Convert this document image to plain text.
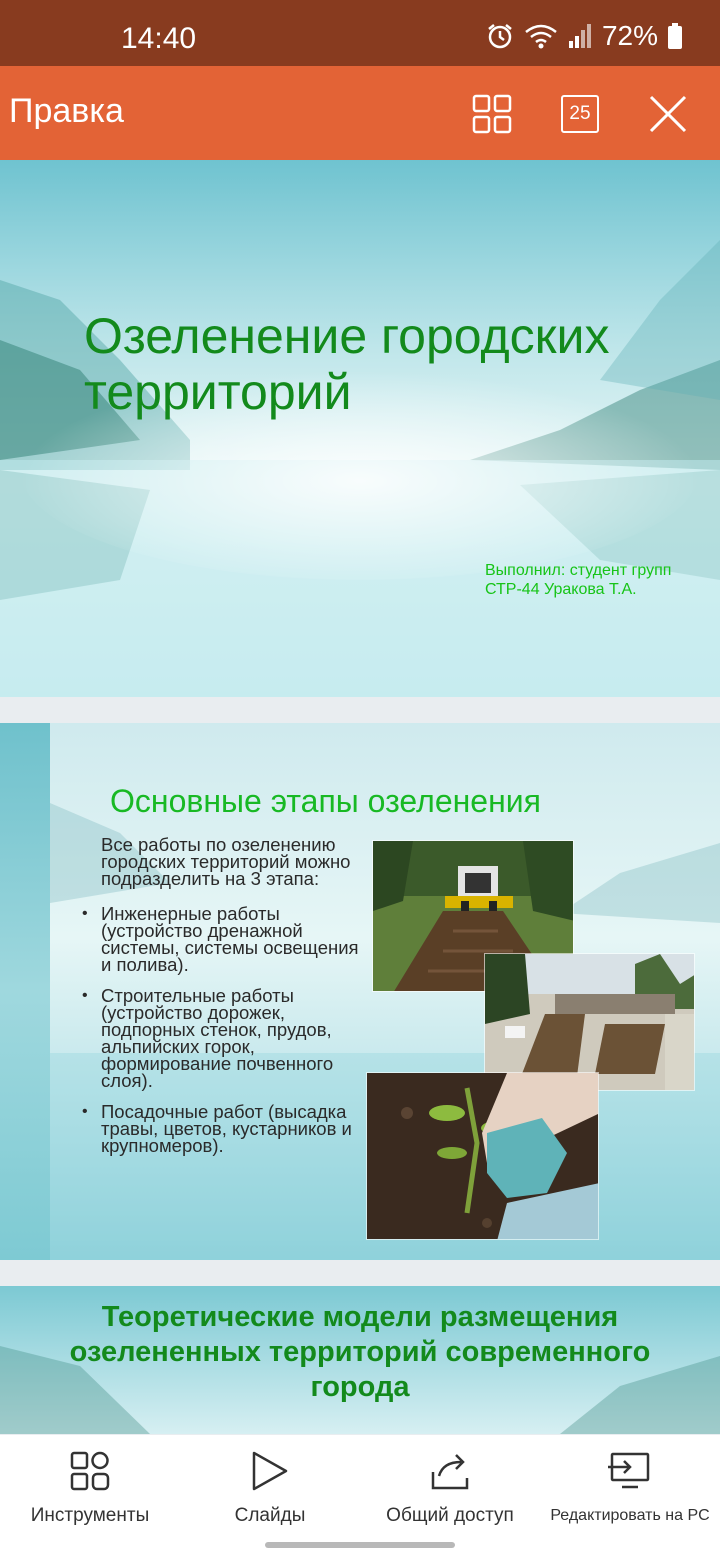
14:40	72%
Правка	25
Озеленение городских территорий
Выполнил: студент групп СТР-44 Уракова Т.А.
Основные этапы озеленения
Все работы по озеленению городских территорий можно подразделить на 3 этапа:
• Инженерные работы (устройство дренажной системы, системы освещения и полива).
• Строительные работы (устройство дорожек, подпорных стенок, прудов, альпийских горок, формирование почвенного слоя).
• Посадочные работ (высадка травы, цветов, кустарников и крупномеров).
Теоретические модели размещения озелененных территорий современного города
Инструменты	Слайды	Общий доступ	Редактировать на PC
